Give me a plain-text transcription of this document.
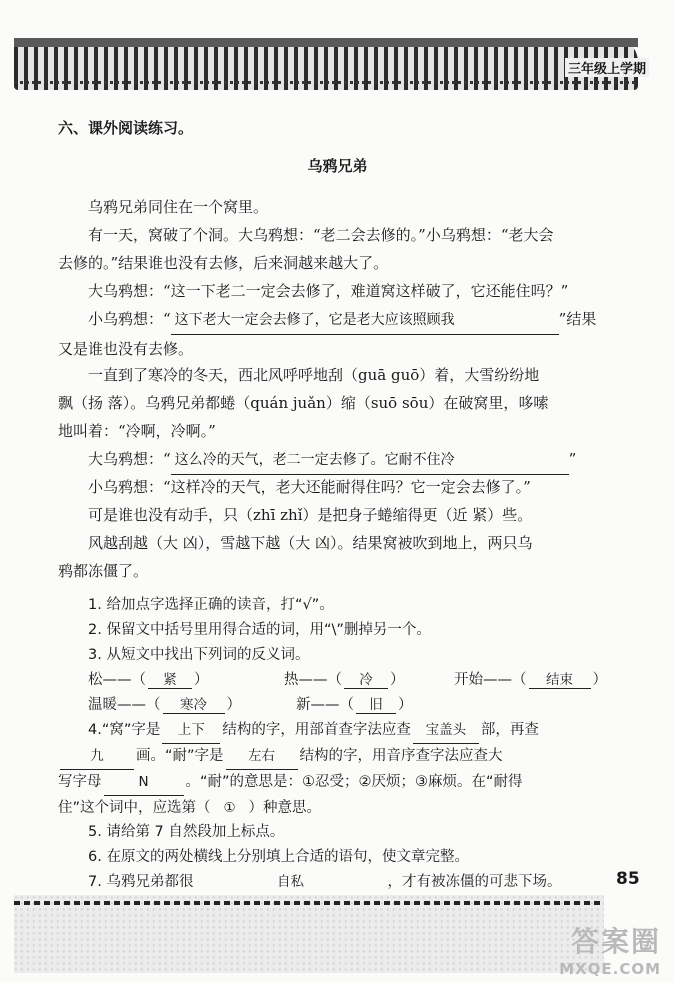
三年级上学期
六、课外阅读练习。
乌鸦兄弟
乌鸦兄弟同住在一个窝里。
有一天，窝破了个洞。大乌鸦想：“老二会去修的。”小乌鸦想：“老大会
去修的。”结果谁也没有去修，后来洞越来越大了。
大乌鸦想：“这一下老二一定会去修了，难道窝这样破了，它还能住吗？”
小乌鸦想：“ 这下老大一定会去修了，它是老大应该照顾我	”结果
又是谁也没有去修。
一直到了寒冷的冬天，西北风呼呼地刮（guā guō）着，大雪纷纷地
飘（扬 落）。乌鸦兄弟都蜷（quán juǎn）缩（suō sōu）在破窝里，哆嗦
地叫着：“冷啊，冷啊。”
大乌鸦想：“ 这么冷的天气，老二一定去修了。它耐不住冷	”
小乌鸦想：“这样冷的天气，老大还能耐得住吗？它一定会去修了。”
可是谁也没有动手，只（zhī zhǐ）是把身子蜷缩得更（近 紧）些。
风越刮越（大 凶），雪越下越（大 凶）。结果窝被吹到地上，两只乌
鸦都冻僵了。
1. 给加点字选择正确的读音，打“√”。
2. 保留文中括号里用得合适的词，用“\”删掉另一个。
3. 从短文中找出下列词的反义词。
松——（ 紧 ）	热——（ 冷 ）	开始——（ 结束 ）
温暖——（ 寒冷 ）	新——（ 旧 ）
4.“窝”字是 上下 结构的字，用部首查字法应查 宝盖头 部，再查
九 画。“耐”字是 左右 结构的字，用音序查字法应查大
写字母	N	。“耐”的意思是：①忍受；②厌烦；③麻烦。在“耐得
住”这个词中，应选第（ ① ）种意思。
5. 请给第 7 自然段加上标点。
6. 在原文的两处横线上分别填上合适的语句，使文章完整。
7. 乌鸦兄弟都很	自私	，才有被冻僵的可悲下场。	85
答案圈
MXQE.COM
